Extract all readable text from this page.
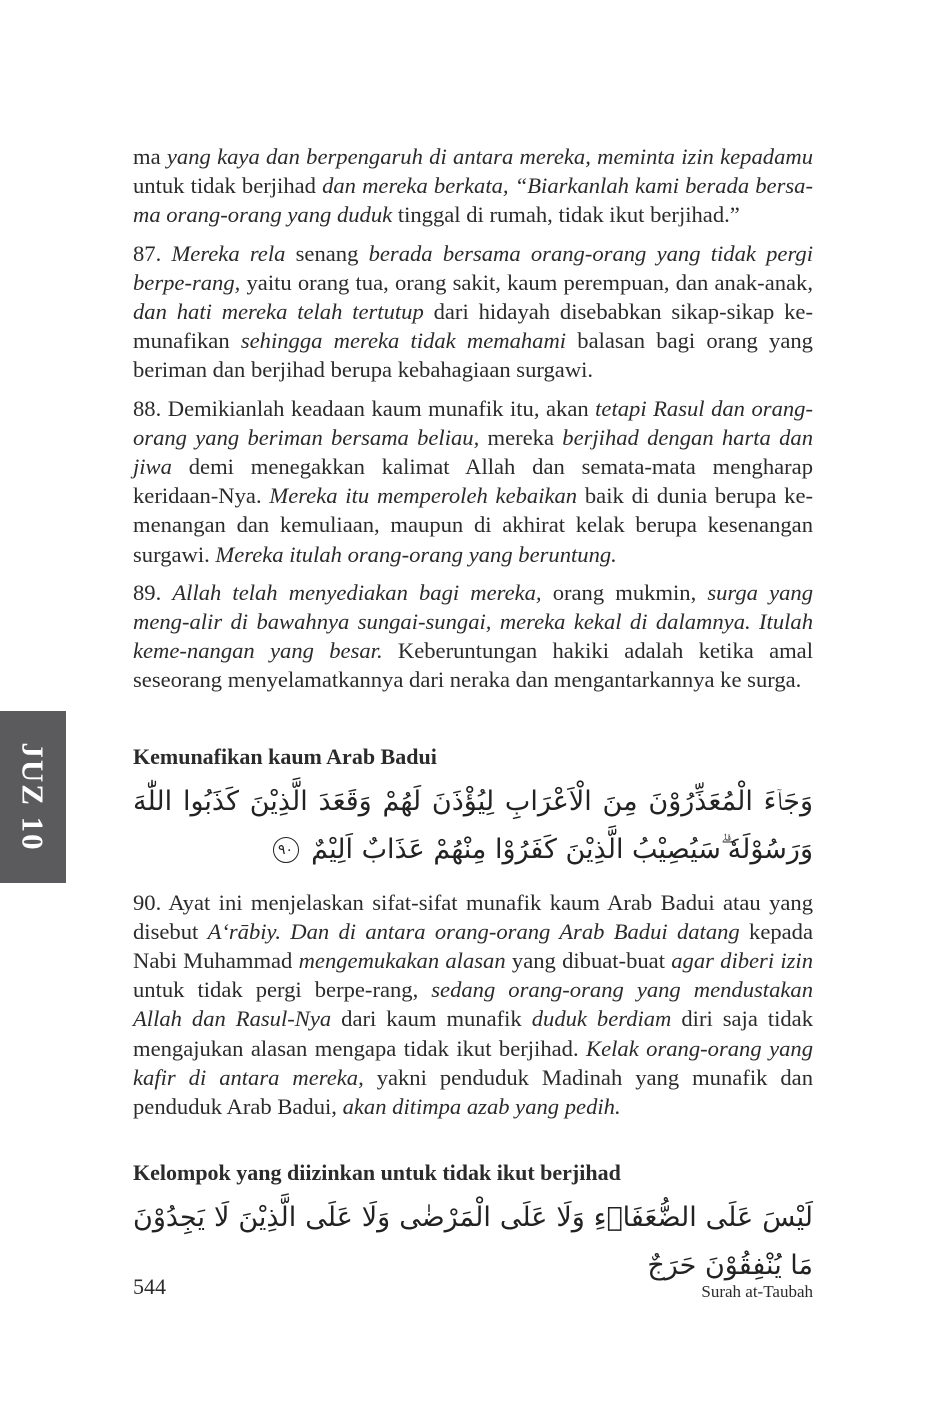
JUZ 10

ma yang kaya dan berpengaruh di antara mereka, meminta izin kepadamu untuk tidak berjihad dan mereka berkata, “Biarkanlah kami berada bersa-ma orang-orang yang duduk tinggal di rumah, tidak ikut berjihad.”

87. Mereka rela senang berada bersama orang-orang yang tidak pergi berpe-rang, yaitu orang tua, orang sakit, kaum perempuan, dan anak-anak, dan hati mereka telah tertutup dari hidayah disebabkan sikap-sikap ke-munafikan sehingga mereka tidak memahami balasan bagi orang yang beriman dan berjihad berupa kebahagiaan surgawi.

88. Demikianlah keadaan kaum munafik itu, akan tetapi Rasul dan orang-orang yang beriman bersama beliau, mereka berjihad dengan harta dan jiwa demi menegakkan kalimat Allah dan semata-mata mengharap keridaan-Nya. Mereka itu memperoleh kebaikan baik di dunia berupa ke-menangan dan kemuliaan, maupun di akhirat kelak berupa kesenangan surgawi. Mereka itulah orang-orang yang beruntung.

89. Allah telah menyediakan bagi mereka, orang mukmin, surga yang meng-alir di bawahnya sungai-sungai, mereka kekal di dalamnya. Itulah keme-nangan yang besar. Keberuntungan hakiki adalah ketika amal seseorang menyelamatkannya dari neraka dan mengantarkannya ke surga.

Kemunafikan kaum Arab Badui

وَجَاۤءَ الْمُعَذِّرُوْنَ مِنَ الْاَعْرَابِ لِيُؤْذَنَ لَهُمْ وَقَعَدَ الَّذِيْنَ كَذَبُوا اللّٰهَ وَرَسُوْلَهٗ ۗسَيُصِيْبُ الَّذِيْنَ كَفَرُوْا مِنْهُمْ عَذَابٌ اَلِيْمٌ ٩٠

90. Ayat ini menjelaskan sifat-sifat munafik kaum Arab Badui atau yang disebut A‘rābiy. Dan di antara orang-orang Arab Badui datang kepada Nabi Muhammad mengemukakan alasan yang dibuat-buat agar diberi izin untuk tidak pergi berpe-rang, sedang orang-orang yang mendustakan Allah dan Rasul-Nya dari kaum munafik duduk berdiam diri saja tidak mengajukan alasan mengapa tidak ikut berjihad. Kelak orang-orang yang kafir di antara mereka, yakni penduduk Madinah yang munafik dan penduduk Arab Badui, akan ditimpa azab yang pedih.

Kelompok yang diizinkan untuk tidak ikut berjihad

لَيْسَ عَلَى الضُّعَفَاۤءِ وَلَا عَلَى الْمَرْضٰى وَلَا عَلَى الَّذِيْنَ لَا يَجِدُوْنَ مَا يُنْفِقُوْنَ حَرَجٌ

544	Surah at-Taubah
